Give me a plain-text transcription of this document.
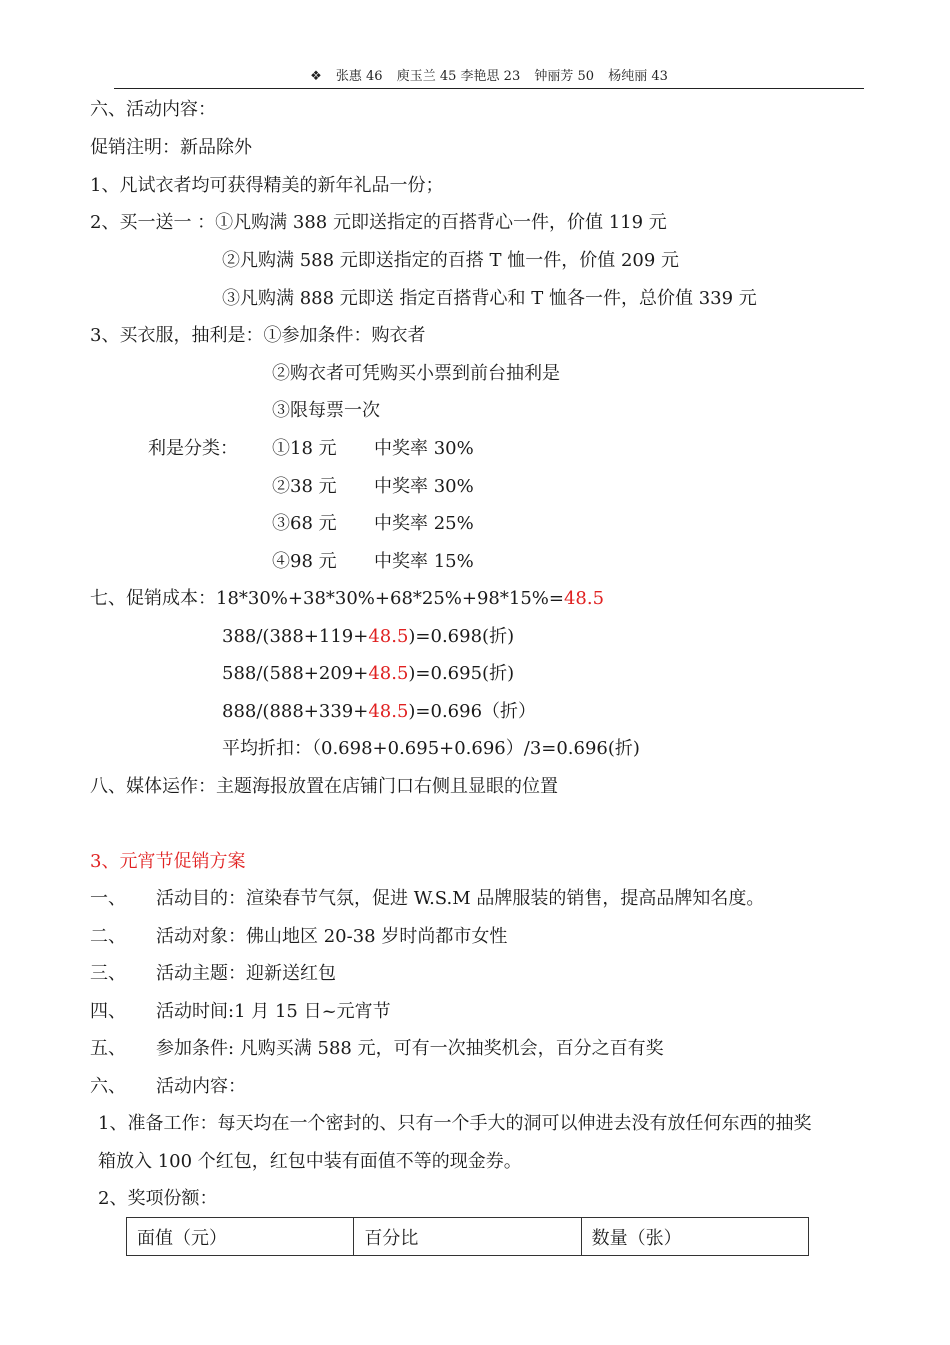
❖ 张惠 46 庾玉兰 45 李艳思 23 钟丽芳 50 杨纯丽 43
六、活动内容：
促销注明：新品除外
1、凡试衣者均可获得精美的新年礼品一份；
2、买一送一 ：①凡购满 388 元即送指定的百搭背心一件，价值 119 元
②凡购满 588 元即送指定的百搭 T 恤一件，价值 209 元
③凡购满 888 元即送 指定百搭背心和 T 恤各一件，总价值 339 元
3、买衣服，抽利是：①参加条件：购衣者
②购衣者可凭购买小票到前台抽利是
③限每票一次
利是分类： ①18 元 中奖率 30%
②38 元 中奖率 30%
③68 元 中奖率 25%
④98 元 中奖率 15%
七、促销成本：18*30%+38*30%+68*25%+98*15%=48.5
388/(388+119+48.5)=0.698(折)
588/(588+209+48.5)=0.695(折)
888/(888+339+48.5)=0.696（折）
平均折扣：（0.698+0.695+0.696）/3=0.696(折)
八、媒体运作：主题海报放置在店铺门口右侧且显眼的位置
3、元宵节促销方案
一、 活动目的：渲染春节气氛，促进 W.S.M 品牌服装的销售，提高品牌知名度。
二、 活动对象：佛山地区 20-38 岁时尚都市女性
三、 活动主题：迎新送红包
四、 活动时间:1 月 15 日~元宵节
五、 参加条件: 凡购买满 588 元，可有一次抽奖机会，百分之百有奖
六、 活动内容：
1、准备工作：每天均在一个密封的、只有一个手大的洞可以伸进去没有放任何东西的抽奖
箱放入 100 个红包，红包中装有面值不等的现金券。
2、奖项份额：
面值（元）	百分比	数量（张）
